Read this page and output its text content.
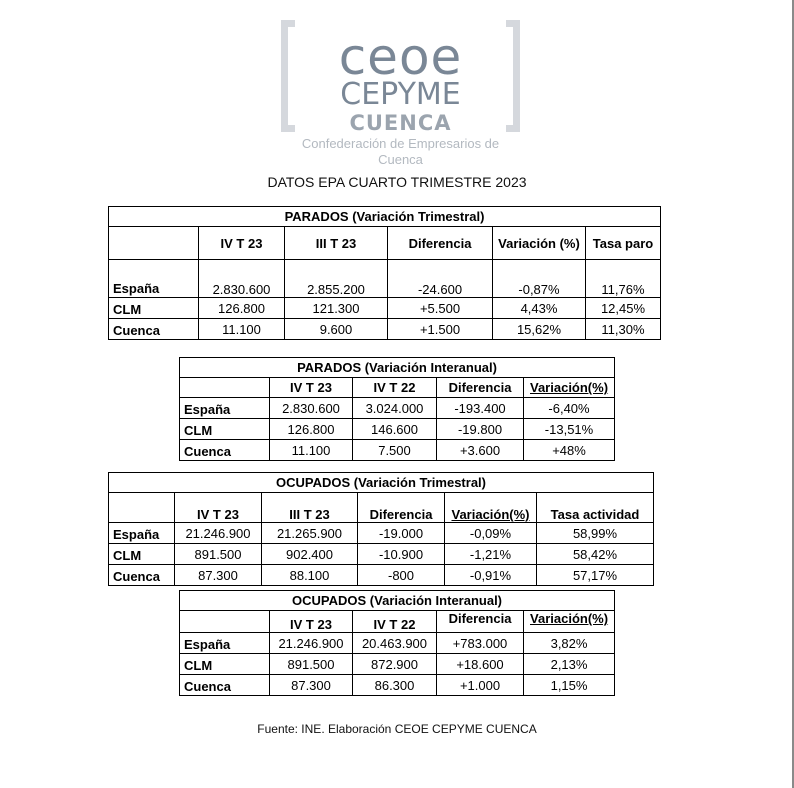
ceoe
CEPYME
CUENCA
Confederación de Empresarios de Cuenca
DATOS EPA CUARTO TRIMESTRE 2023
PARADOS (Variación Trimestral)					
	IV T 23	III T 23	Diferencia	Variación (%)	Tasa paro
España	2.830.600	2.855.200	-24.600	-0,87%	11,76%
CLM	126.800	121.300	+5.500	4,43%	12,45%
Cuenca	11.100	9.600	+1.500	15,62%	11,30%
PARADOS (Variación Interanual)				
	IV T 23	IV T 22	Diferencia	Variación(%)
España	2.830.600	3.024.000	-193.400	-6,40%
CLM	126.800	146.600	-19.800	-13,51%
Cuenca	11.100	7.500	+3.600	+48%
OCUPADOS (Variación Trimestral)					
	IV T 23	III T 23	Diferencia	Variación(%)	Tasa actividad
España	21.246.900	21.265.900	-19.000	-0,09%	58,99%
CLM	891.500	902.400	-10.900	-1,21%	58,42%
Cuenca	87.300	88.100	-800	-0,91%	57,17%
OCUPADOS (Variación Interanual)				
	IV T 23	IV T 22	Diferencia	Variación(%)
España	21.246.900	20.463.900	+783.000	3,82%
CLM	891.500	872.900	+18.600	2,13%
Cuenca	87.300	86.300	+1.000	1,15%
Fuente: INE. Elaboración CEOE CEPYME CUENCA
